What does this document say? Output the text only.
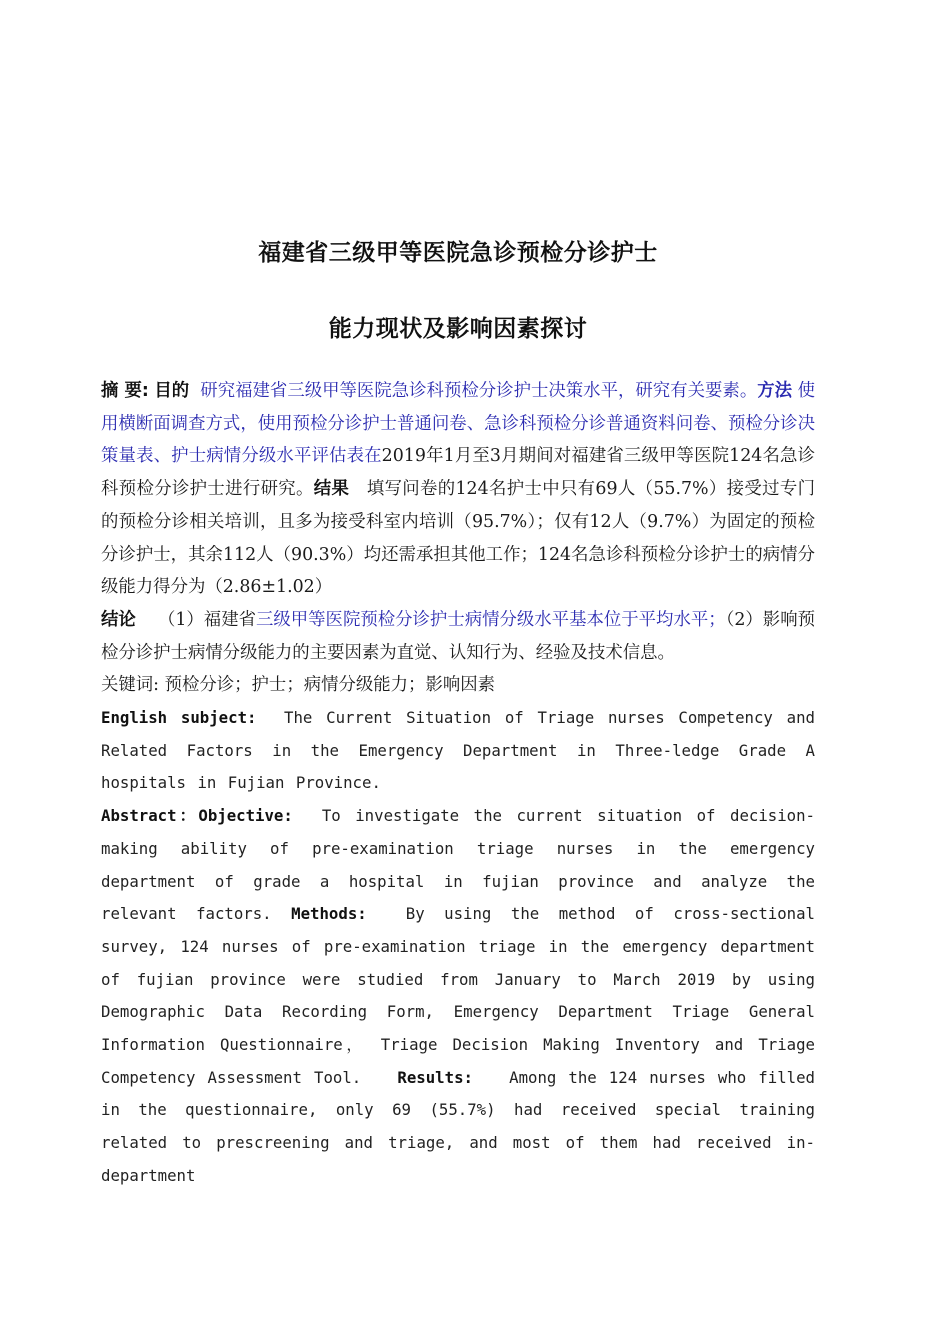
福建省三级甲等医院急诊预检分诊护士
能力现状及影响因素探讨

摘 要: 目的 研究福建省三级甲等医院急诊科预检分诊护士决策水平，研究有关要素。方法 使用横断面调查方式，使用预检分诊护士普通问卷、急诊科预检分诊普通资料问卷、预检分诊决策量表、护士病情分级水平评估表在2019年1月至3月期间对福建省三级甲等医院124名急诊科预检分诊护士进行研究。结果 填写问卷的124名护士中只有69人（55.7%）接受过专门的预检分诊相关培训，且多为接受科室内培训（95.7%）；仅有12人（9.7%）为固定的预检分诊护士，其余112人（90.3%）均还需承担其他工作；124名急诊科预检分诊护士的病情分级能力得分为（2.86±1.02）
结论 （1）福建省三级甲等医院预检分诊护士病情分级水平基本位于平均水平；（2）影响预检分诊护士病情分级能力的主要因素为直觉、认知行为、经验及技术信息。

关键词: 预检分诊；护士；病情分级能力；影响因素

English subject: The Current Situation of Triage nurses Competency and Related Factors in the Emergency Department in Three-ledge Grade A hospitals in Fujian Province.

Abstract：Objective: To investigate the current situation of decision-making ability of pre-examination triage nurses in the emergency department of grade a hospital in fujian province and analyze the relevant factors. Methods: By using the method of cross-sectional survey, 124 nurses of pre-examination triage in the emergency department of fujian province were studied from January to March 2019 by using Demographic Data Recording Form, Emergency Department Triage General Information Questionnaire， Triage Decision Making Inventory and Triage Competency Assessment Tool. Results: Among the 124 nurses who filled in the questionnaire, only 69 (55.7%) had received special training related to prescreening and triage, and most of them had received in-department
